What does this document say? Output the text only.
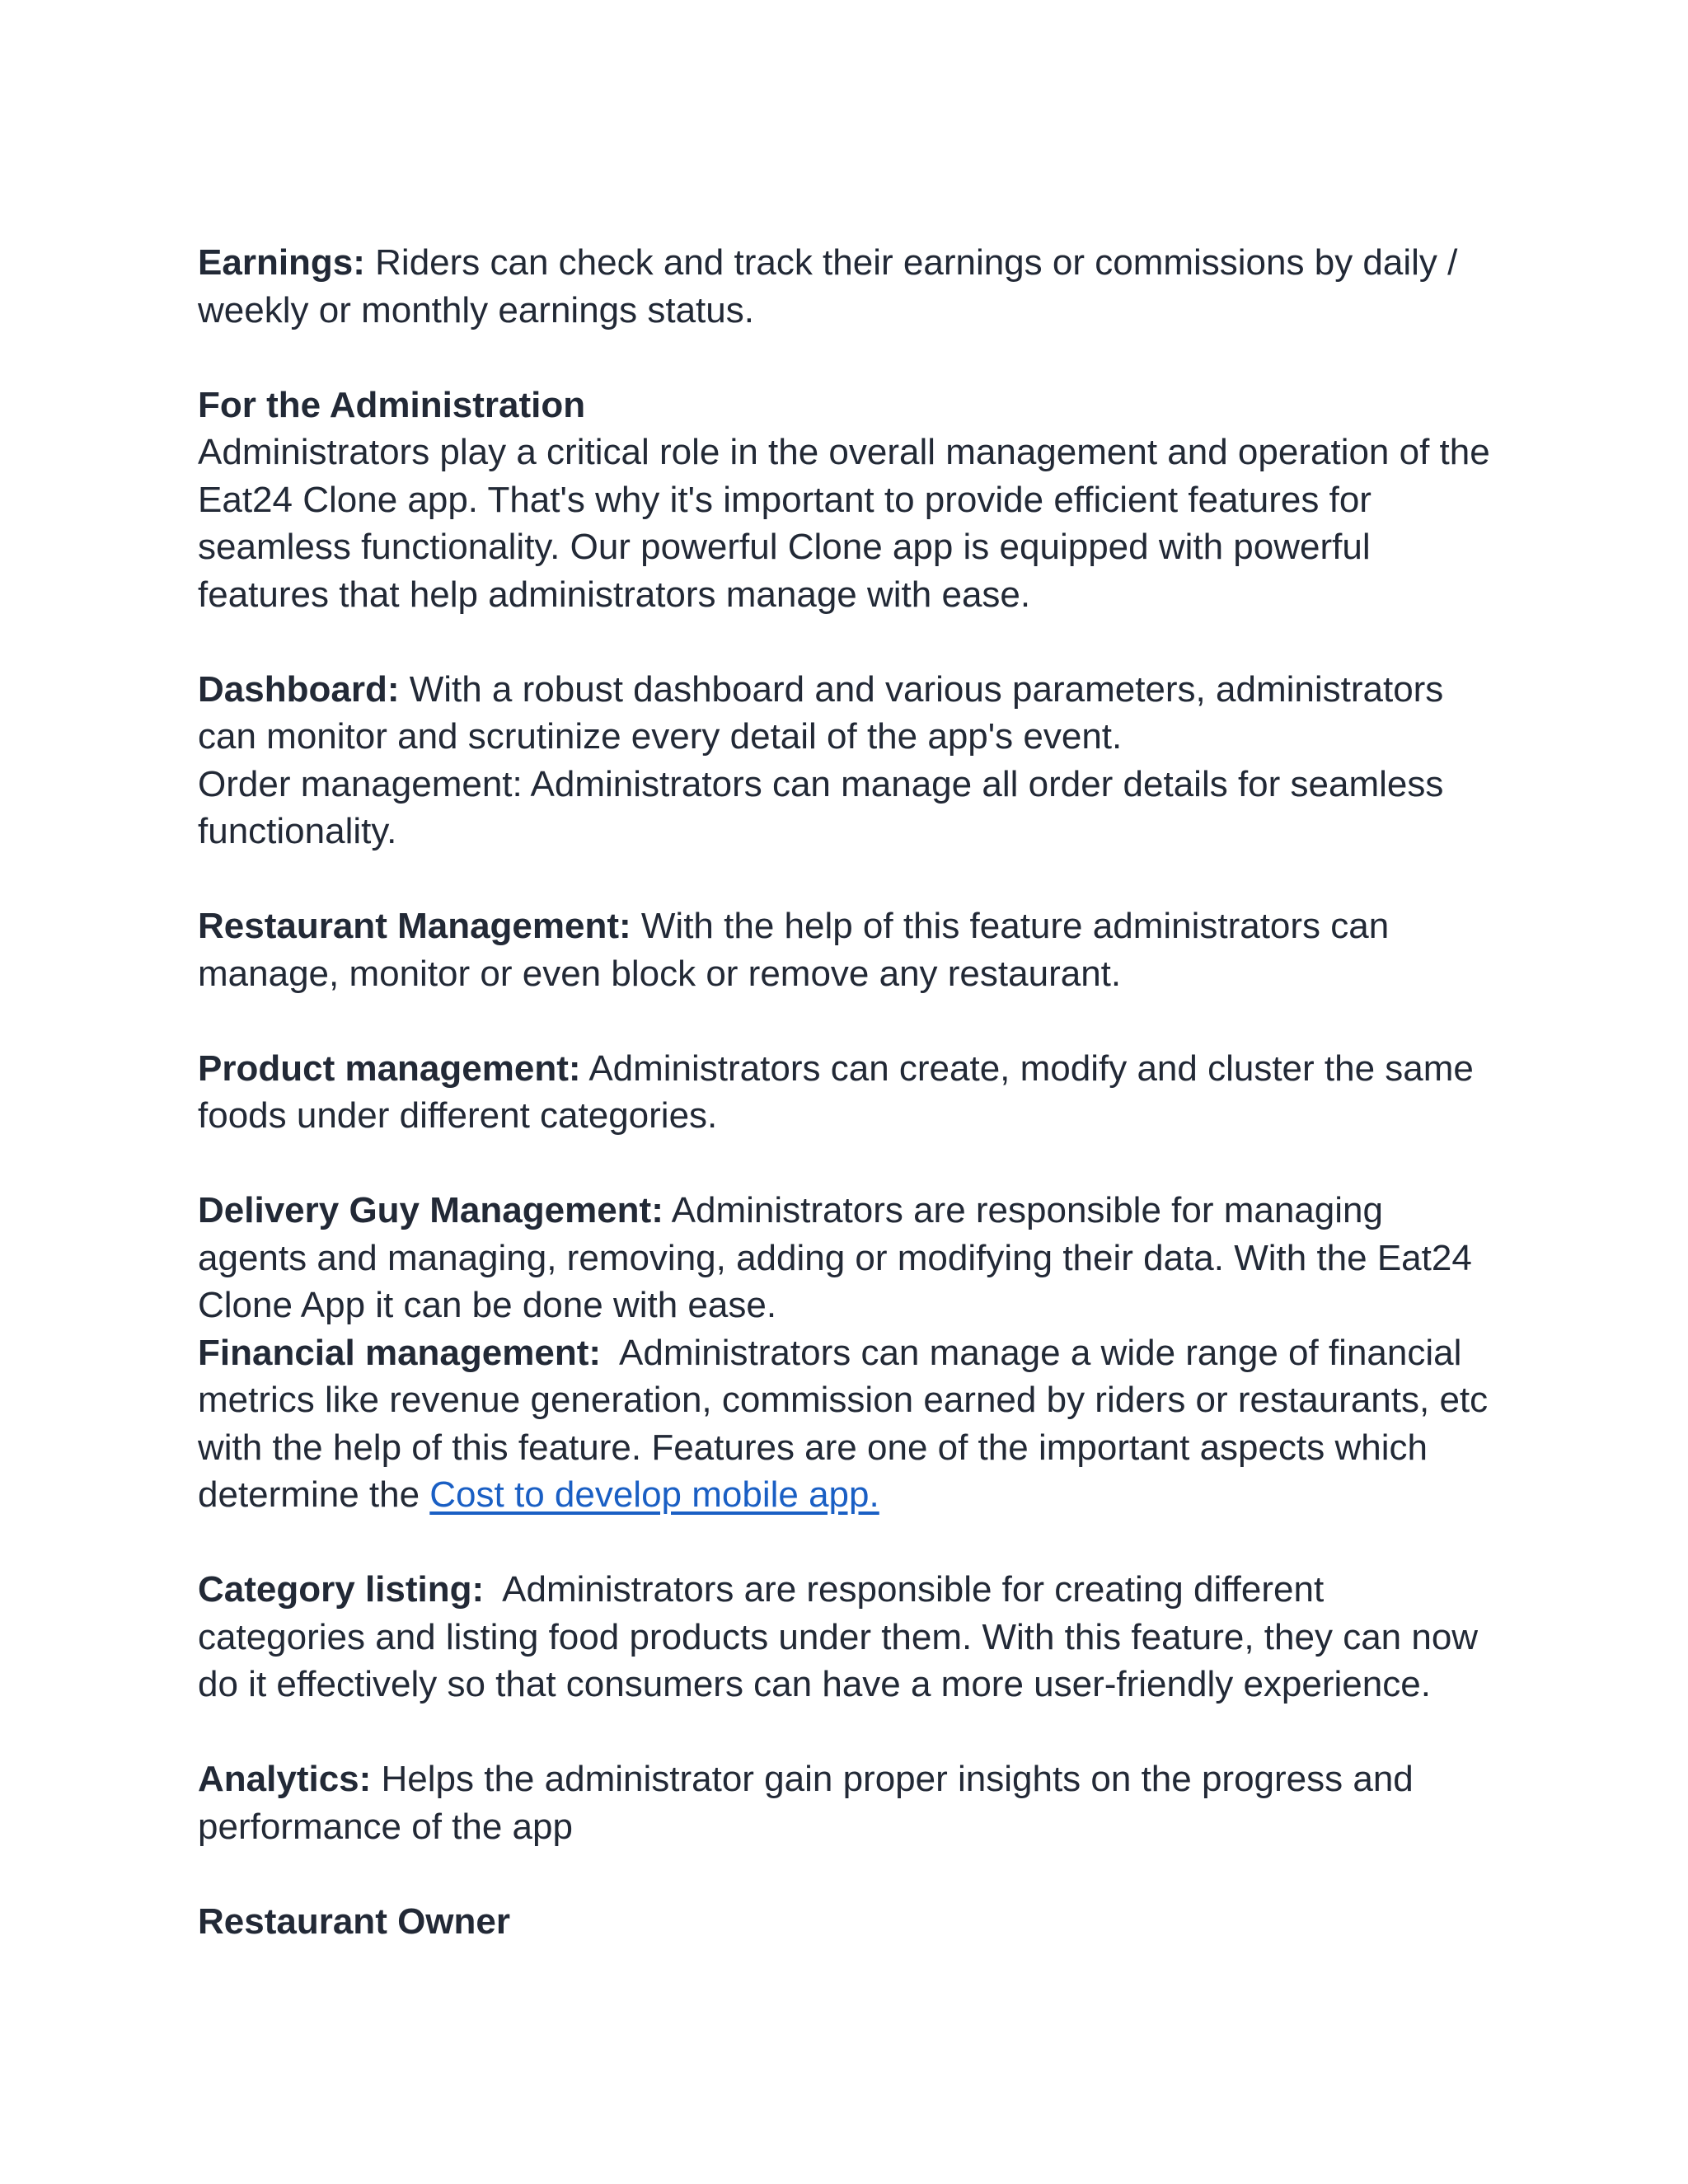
Earnings: Riders can check and track their earnings or commissions by daily / weekly or monthly earnings status.

For the Administration

Administrators play a critical role in the overall management and operation of the Eat24 Clone app. That's why it's important to provide efficient features for seamless functionality. Our powerful Clone app is equipped with powerful features that help administrators manage with ease.

Dashboard: With a robust dashboard and various parameters, administrators can monitor and scrutinize every detail of the app's event.

Order management: Administrators can manage all order details for seamless functionality.

Restaurant Management: With the help of this feature administrators can manage, monitor or even block or remove any restaurant.

Product management: Administrators can create, modify and cluster the same foods under different categories.

Delivery Guy Management: Administrators are responsible for managing agents and managing, removing, adding or modifying their data. With the Eat24 Clone App it can be done with ease.

Financial management:  Administrators can manage a wide range of financial metrics like revenue generation, commission earned by riders or restaurants, etc with the help of this feature. Features are one of the important aspects which determine the Cost to develop mobile app.

Category listing:  Administrators are responsible for creating different categories and listing food products under them. With this feature, they can now do it effectively so that consumers can have a more user-friendly experience.

Analytics: Helps the administrator gain proper insights on the progress and performance of the app

Restaurant Owner
